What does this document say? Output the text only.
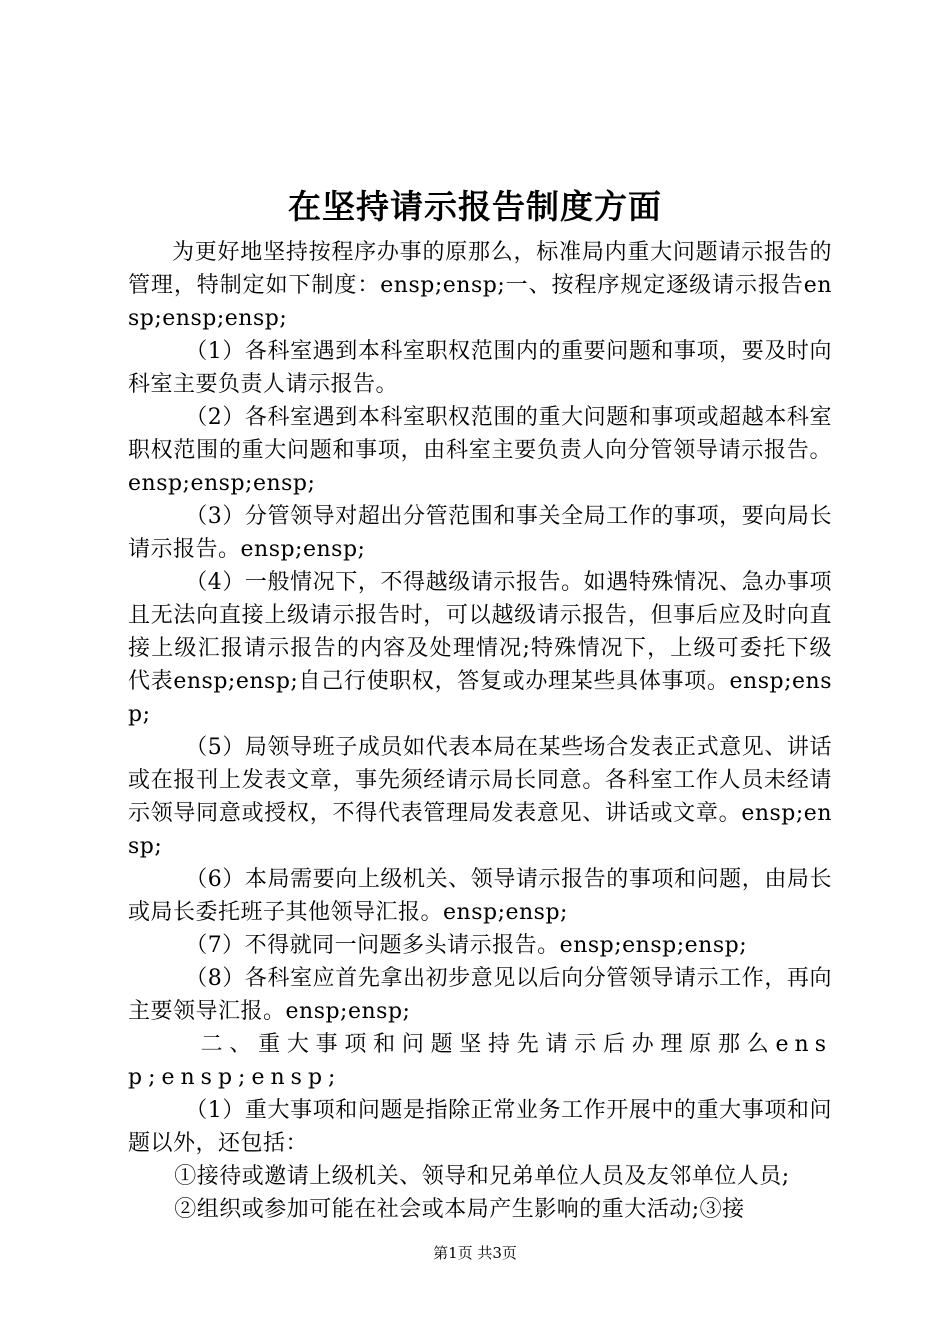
在坚持请示报告制度方面

为更好地坚持按程序办事的原那么，标准局内重大问题请示报告的管理，特制定如下制度：ensp;ensp;一、按程序规定逐级请示报告ensp;ensp;ensp;

（1）各科室遇到本科室职权范围内的重要问题和事项，要及时向科室主要负责人请示报告。

（2）各科室遇到本科室职权范围的重大问题和事项或超越本科室职权范围的重大问题和事项，由科室主要负责人向分管领导请示报告。ensp;ensp;ensp;

（3）分管领导对超出分管范围和事关全局工作的事项，要向局长请示报告。ensp;ensp;

（4）一般情况下，不得越级请示报告。如遇特殊情况、急办事项且无法向直接上级请示报告时，可以越级请示报告，但事后应及时向直接上级汇报请示报告的内容及处理情况;特殊情况下，上级可委托下级代表ensp;ensp;自己行使职权，答复或办理某些具体事项。ensp;ensp;

（5）局领导班子成员如代表本局在某些场合发表正式意见、讲话或在报刊上发表文章，事先须经请示局长同意。各科室工作人员未经请示领导同意或授权，不得代表管理局发表意见、讲话或文章。ensp;ensp;

（6）本局需要向上级机关、领导请示报告的事项和问题，由局长或局长委托班子其他领导汇报。ensp;ensp;

（7）不得就同一问题多头请示报告。ensp;ensp;ensp;

（8）各科室应首先拿出初步意见以后向分管领导请示工作，再向主要领导汇报。ensp;ensp;

二、重大事项和问题坚持先请示后办理原那么ensp;ensp;ensp;

（1）重大事项和问题是指除正常业务工作开展中的重大事项和问题以外，还包括：

①接待或邀请上级机关、领导和兄弟单位人员及友邻单位人员;

②组织或参加可能在社会或本局产生影响的重大活动;③接

第1页 共3页
